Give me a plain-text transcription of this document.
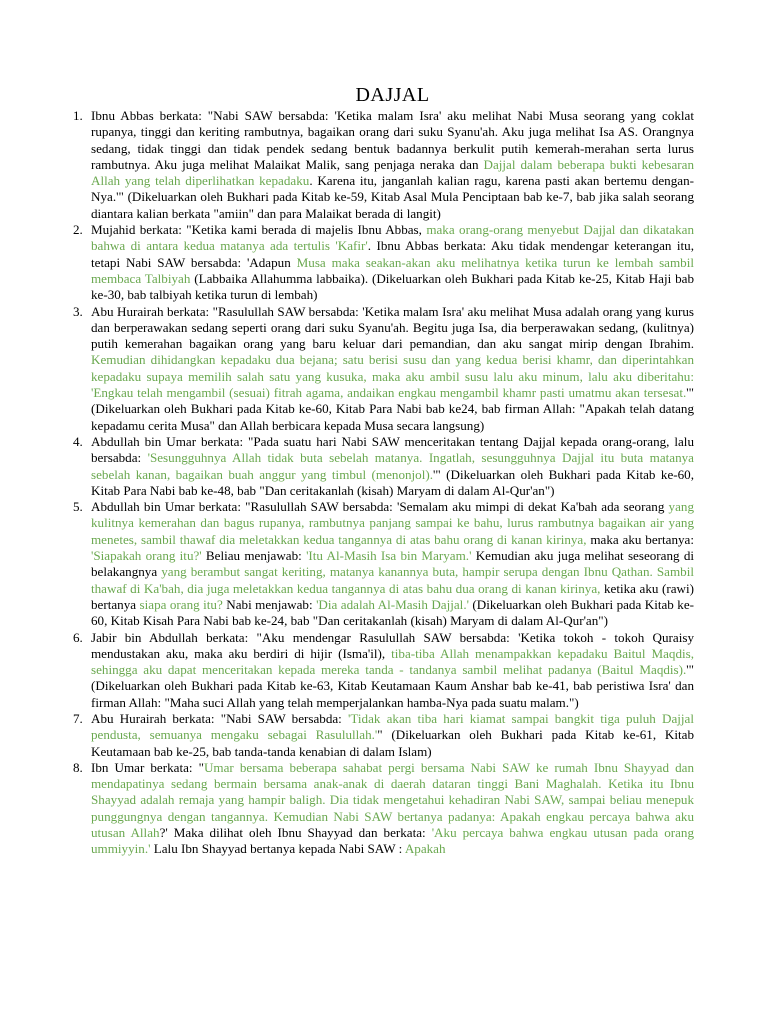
DAJJAL
1. Ibnu Abbas berkata: "Nabi SAW bersabda: 'Ketika malam Isra' aku melihat Nabi Musa seorang yang coklat rupanya, tinggi dan keriting rambutnya, bagaikan orang dari suku Syanu'ah. Aku juga melihat Isa AS. Orangnya sedang, tidak tinggi dan tidak pendek sedang bentuk badannya berkulit putih kemerah-merahan serta lurus rambutnya. Aku juga melihat Malaikat Malik, sang penjaga neraka dan Dajjal dalam beberapa bukti kebesaran Allah yang telah diperlihatkan kepadaku. Karena itu, janganlah kalian ragu, karena pasti akan bertemu dengan-Nya.'" (Dikeluarkan oleh Bukhari pada Kitab ke-59, Kitab Asal Mula Penciptaan bab ke-7, bab jika salah seorang diantara kalian berkata "amiin" dan para Malaikat berada di langit)
2. Mujahid berkata: "Ketika kami berada di majelis Ibnu Abbas, maka orang-orang menyebut Dajjal dan dikatakan bahwa di antara kedua matanya ada tertulis 'Kafir'. Ibnu Abbas berkata: Aku tidak mendengar keterangan itu, tetapi Nabi SAW bersabda: 'Adapun Musa maka seakan-akan aku melihatnya ketika turun ke lembah sambil membaca Talbiyah (Labbaika Allahumma labbaika). (Dikeluarkan oleh Bukhari pada Kitab ke-25, Kitab Haji bab ke-30, bab talbiyah ketika turun di lembah)
3. Abu Hurairah berkata: "Rasulullah SAW bersabda: 'Ketika malam Isra' aku melihat Musa adalah orang yang kurus dan berperawakan sedang seperti orang dari suku Syanu'ah. Begitu juga Isa, dia berperawakan sedang, (kulitnya) putih kemerahan bagaikan orang yang baru keluar dari pemandian, dan aku sangat mirip dengan Ibrahim. Kemudian dihidangkan kepadaku dua bejana; satu berisi susu dan yang kedua berisi khamr, dan diperintahkan kepadaku supaya memilih salah satu yang kusuka, maka aku ambil susu lalu aku minum, lalu aku diberitahu: 'Engkau telah mengambil (sesuai) fitrah agama, andaikan engkau mengambil khamr pasti umatmu akan tersesat.'" (Dikeluarkan oleh Bukhari pada Kitab ke-60, Kitab Para Nabi bab ke24, bab firman Allah: "Apakah telah datang kepadamu cerita Musa" dan Allah berbicara kepada Musa secara langsung)
4. Abdullah bin Umar berkata: "Pada suatu hari Nabi SAW menceritakan tentang Dajjal kepada orang-orang, lalu bersabda: 'Sesungguhnya Allah tidak buta sebelah matanya. Ingatlah, sesungguhnya Dajjal itu buta matanya sebelah kanan, bagaikan buah anggur yang timbul (menonjol).'" (Dikeluarkan oleh Bukhari pada Kitab ke-60, Kitab Para Nabi bab ke-48, bab "Dan ceritakanlah (kisah) Maryam di dalam Al-Qur'an")
5. Abdullah bin Umar berkata: "Rasulullah SAW bersabda: 'Semalam aku mimpi di dekat Ka'bah ada seorang yang kulitnya kemerahan dan bagus rupanya, rambutnya panjang sampai ke bahu, lurus rambutnya bagaikan air yang menetes, sambil thawaf dia meletakkan kedua tangannya di atas bahu orang di kanan kirinya, maka aku bertanya: 'Siapakah orang itu?' Beliau menjawab: 'Itu Al-Masih Isa bin Maryam.' Kemudian aku juga melihat seseorang di belakangnya yang berambut sangat keriting, matanya kanannya buta, hampir serupa dengan Ibnu Qathan. Sambil thawaf di Ka'bah, dia juga meletakkan kedua tangannya di atas bahu dua orang di kanan kirinya, ketika aku (rawi) bertanya siapa orang itu? Nabi menjawab: 'Dia adalah Al-Masih Dajjal.' (Dikeluarkan oleh Bukhari pada Kitab ke-60, Kitab Kisah Para Nabi bab ke-24, bab "Dan ceritakanlah (kisah) Maryam di dalam Al-Qur'an")
6. Jabir bin Abdullah berkata: "Aku mendengar Rasulullah SAW bersabda: 'Ketika tokoh - tokoh Quraisy mendustakan aku, maka aku berdiri di hijir (Isma'il), tiba-tiba Allah menampakkan kepadaku Baitul Maqdis, sehingga aku dapat menceritakan kepada mereka tanda - tandanya sambil melihat padanya (Baitul Maqdis).'" (Dikeluarkan oleh Bukhari pada Kitab ke-63, Kitab Keutamaan Kaum Anshar bab ke-41, bab peristiwa Isra' dan firman Allah: "Maha suci Allah yang telah memperjalankan hamba-Nya pada suatu malam.")
7. Abu Hurairah berkata: "Nabi SAW bersabda: 'Tidak akan tiba hari kiamat sampai bangkit tiga puluh Dajjal pendusta, semuanya mengaku sebagai Rasulullah.'" (Dikeluarkan oleh Bukhari pada Kitab ke-61, Kitab Keutamaan bab ke-25, bab tanda-tanda kenabian di dalam Islam)
8. Ibn Umar berkata: "Umar bersama beberapa sahabat pergi bersama Nabi SAW ke rumah Ibnu Shayyad dan mendapatinya sedang bermain bersama anak-anak di daerah dataran tinggi Bani Maghalah. Ketika itu Ibnu Shayyad adalah remaja yang hampir baligh. Dia tidak mengetahui kehadiran Nabi SAW, sampai beliau menepuk punggungnya dengan tangannya. Kemudian Nabi SAW bertanya padanya: Apakah engkau percaya bahwa aku utusan Allah?' Maka dilihat oleh Ibnu Shayyad dan berkata: 'Aku percaya bahwa engkau utusan pada orang ummiyyin.' Lalu Ibn Shayyad bertanya kepada Nabi SAW : Apakah
